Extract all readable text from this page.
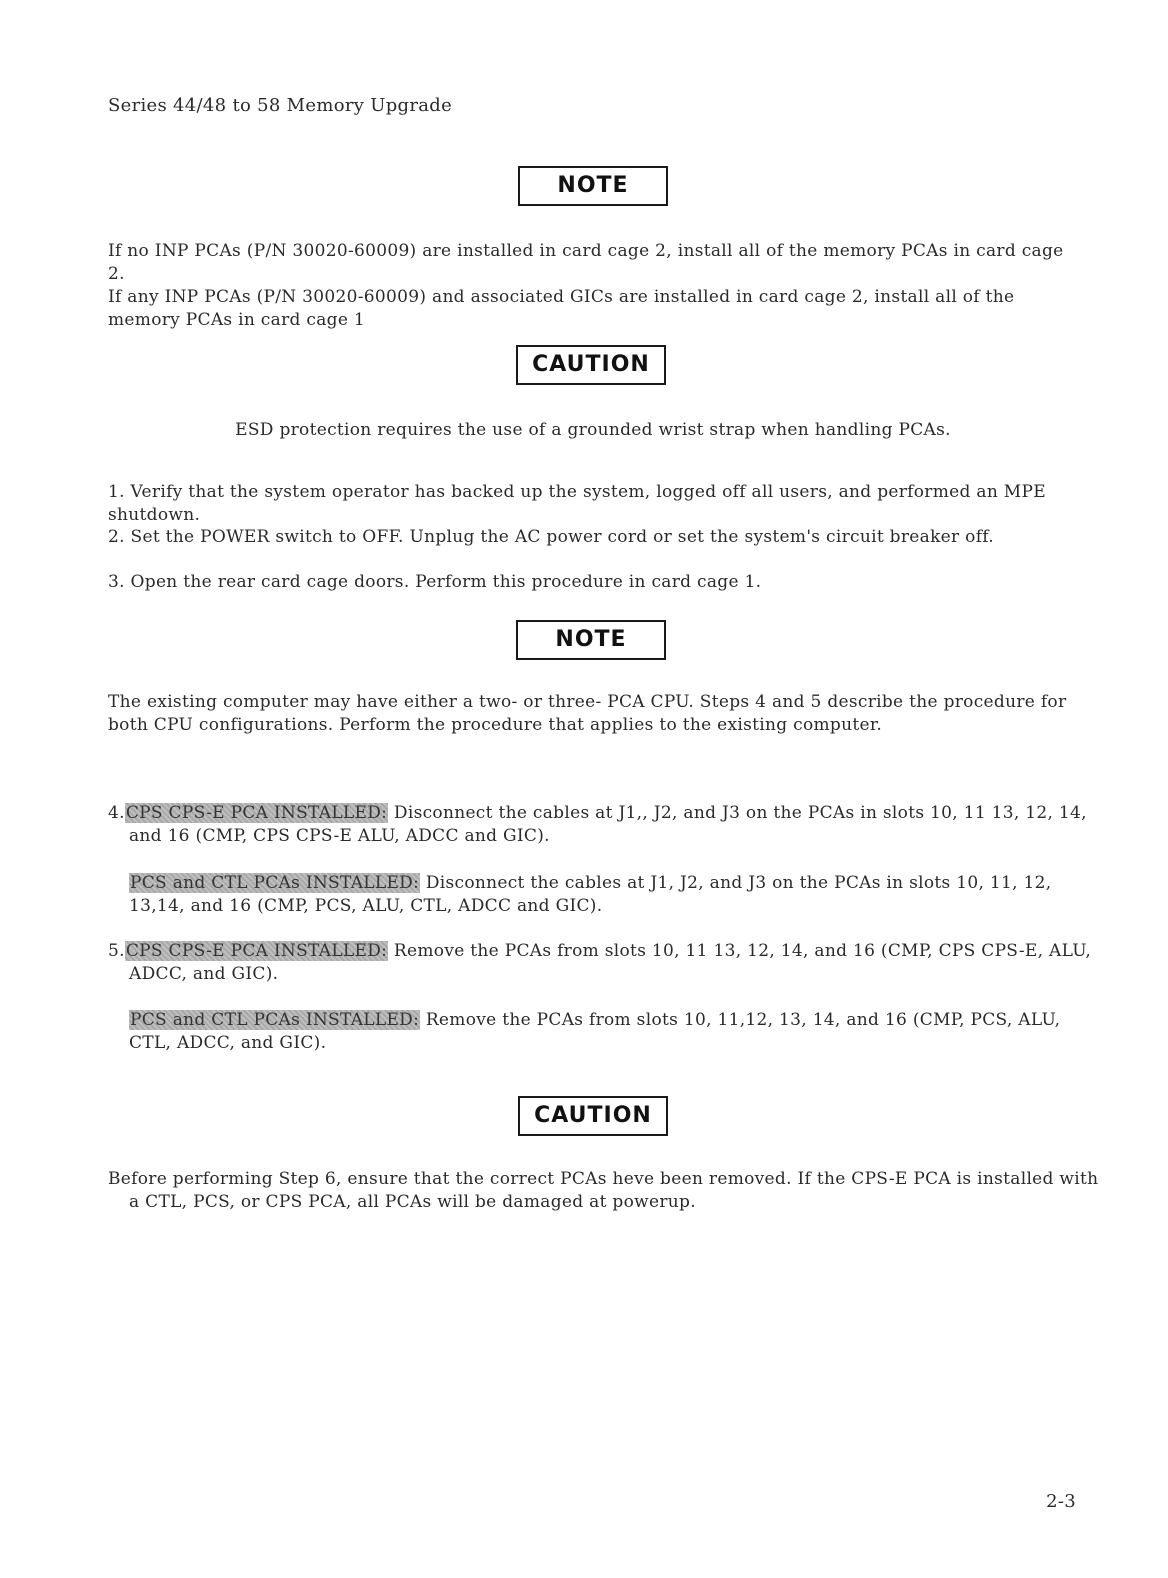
Series 44/48 to 58 Memory Upgrade
NOTE
If no INP PCAs (P/N 30020-60009) are installed in card cage 2, install all of the memory PCAs in card cage 2.
If any INP PCAs (P/N 30020-60009) and associated GICs are installed in card cage 2, install all of the memory PCAs in card cage 1
CAUTION
ESD protection requires the use of a grounded wrist strap when handling PCAs.
1. Verify that the system operator has backed up the system, logged off all users, and performed an MPE shutdown.
2. Set the POWER switch to OFF. Unplug the AC power cord or set the system's circuit breaker off.
3. Open the rear card cage doors. Perform this procedure in card cage 1.
NOTE
The existing computer may have either a two- or three- PCA CPU. Steps 4 and 5 describe the procedure for both CPU configurations. Perform the procedure that applies to the existing computer.
4.CPS CPS-E PCA INSTALLED: Disconnect the cables at J1,, J2, and J3 on the PCAs in slots 10, 11 13, 12, 14, and 16 (CMP, CPS CPS-E ALU, ADCC and GIC).
PCS and CTL PCAs INSTALLED: Disconnect the cables at J1, J2, and J3 on the PCAs in slots 10, 11, 12, 13,14, and 16 (CMP, PCS, ALU, CTL, ADCC and GIC).
5.CPS CPS-E PCA INSTALLED: Remove the PCAs from slots 10, 11 13, 12, 14, and 16 (CMP, CPS CPS-E, ALU, ADCC, and GIC).
PCS and CTL PCAs INSTALLED: Remove the PCAs from slots 10, 11,12, 13, 14, and 16 (CMP, PCS, ALU, CTL, ADCC, and GIC).
CAUTION
Before performing Step 6, ensure that the correct PCAs heve been removed. If the CPS-E PCA is installed with a CTL, PCS, or CPS PCA, all PCAs will be damaged at powerup.
2-3
